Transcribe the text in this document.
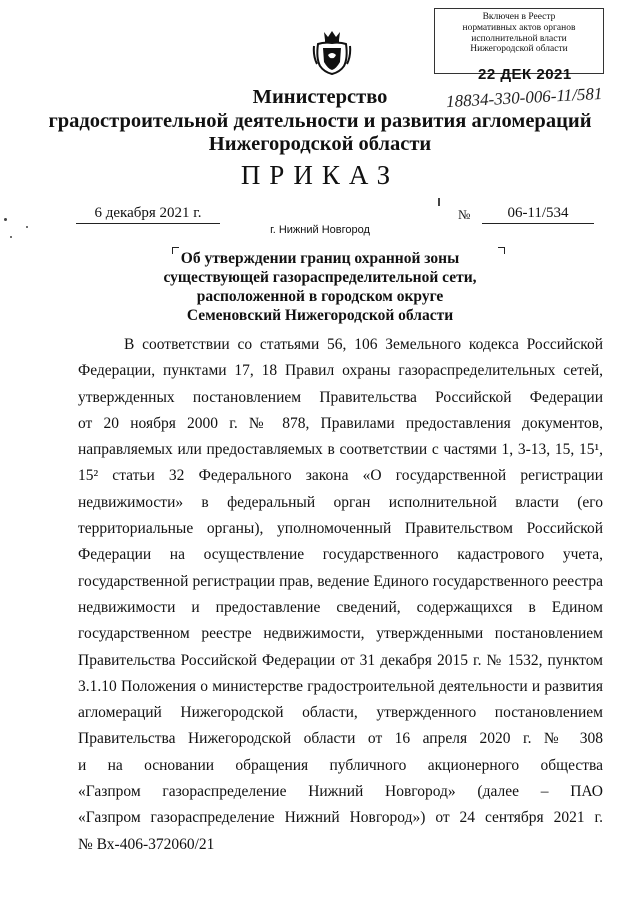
Включен в Реестр
нормативных актов органов
исполнительной власти
Нижегородской области
22 ДЕК 2021
18834-330-006-11/581
Министерство
градостроительной деятельности и развития агломераций
Нижегородской области
ПРИКАЗ
6 декабря 2021 г.	№	06-11/534
г. Нижний Новгород
Об утверждении границ охранной зоны
существующей газораспределительной сети,
расположенной в городском округе
Семеновский Нижегородской области
В соответствии со статьями 56, 106 Земельного кодекса Российской
Федерации, пунктами 17, 18 Правил охраны газораспределительных сетей,
утвержденных постановлением Правительства Российской Федерации
от 20 ноября 2000 г. № 878, Правилами предоставления документов,
направляемых или предоставляемых в соответствии с частями 1, 3-13, 15, 15¹,
15² статьи 32 Федерального закона «О государственной регистрации
недвижимости» в федеральный орган исполнительной власти (его
территориальные органы), уполномоченный Правительством Российской
Федерации на осуществление государственного кадастрового учета,
государственной регистрации прав, ведение Единого государственного реестра
недвижимости и предоставление сведений, содержащихся в Едином
государственном реестре недвижимости, утвержденными постановлением
Правительства Российской Федерации от 31 декабря 2015 г. № 1532, пунктом
3.1.10 Положения о министерстве градостроительной деятельности и развития
агломераций Нижегородской области, утвержденного постановлением
Правительства Нижегородской области от 16 апреля 2020 г. № 308
и на основании обращения публичного акционерного общества
«Газпром газораспределение Нижний Новгород» (далее – ПАО
«Газпром газораспределение Нижний Новгород») от 24 сентября 2021 г.
№ Вх-406-372060/21
